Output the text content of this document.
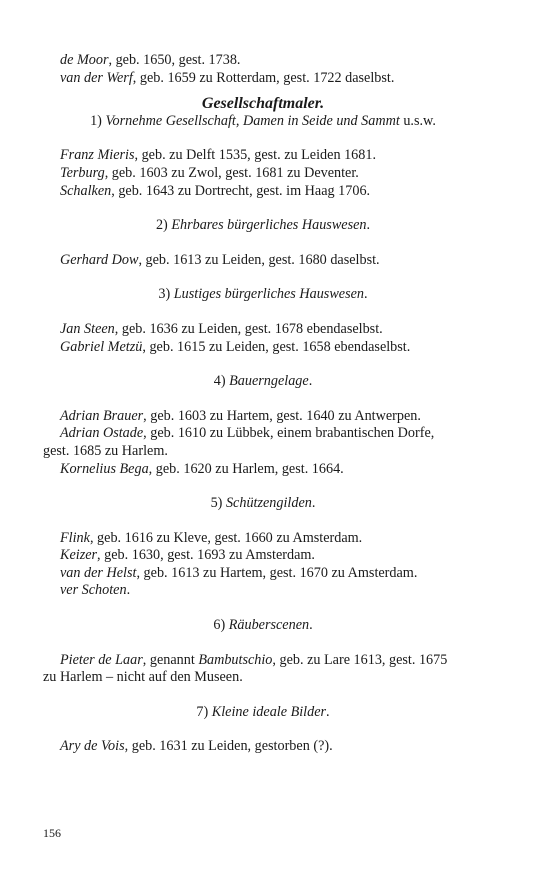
de Moor, geb. 1650, gest. 1738.
van der Werf, geb. 1659 zu Rotterdam, gest. 1722 daselbst.
Gesellschaftmaler.
1) Vornehme Gesellschaft, Damen in Seide und Sammt u.s.w.
Franz Mieris, geb. zu Delft 1535, gest. zu Leiden 1681.
Terburg, geb. 1603 zu Zwol, gest. 1681 zu Deventer.
Schalken, geb. 1643 zu Dortrecht, gest. im Haag 1706.
2) Ehrbares bürgerliches Hauswesen.
Gerhard Dow, geb. 1613 zu Leiden, gest. 1680 daselbst.
3) Lustiges bürgerliches Hauswesen.
Jan Steen, geb. 1636 zu Leiden, gest. 1678 ebendaselbst.
Gabriel Metzü, geb. 1615 zu Leiden, gest. 1658 ebendaselbst.
4) Bauerngelage.
Adrian Brauer, geb. 1603 zu Hartem, gest. 1640 zu Antwerpen.
Adrian Ostade, geb. 1610 zu Lübbek, einem brabantischen Dorfe,
gest. 1685 zu Harlem.
Kornelius Bega, geb. 1620 zu Harlem, gest. 1664.
5) Schützengilden.
Flink, geb. 1616 zu Kleve, gest. 1660 zu Amsterdam.
Keizer, geb. 1630, gest. 1693 zu Amsterdam.
van der Helst, geb. 1613 zu Hartem, gest. 1670 zu Amsterdam.
ver Schoten.
6) Räuberscenen.
Pieter de Laar, genannt Bambutschio, geb. zu Lare 1613, gest. 1675
zu Harlem – nicht auf den Museen.
7) Kleine ideale Bilder.
Ary de Vois, geb. 1631 zu Leiden, gestorben (?).
156
